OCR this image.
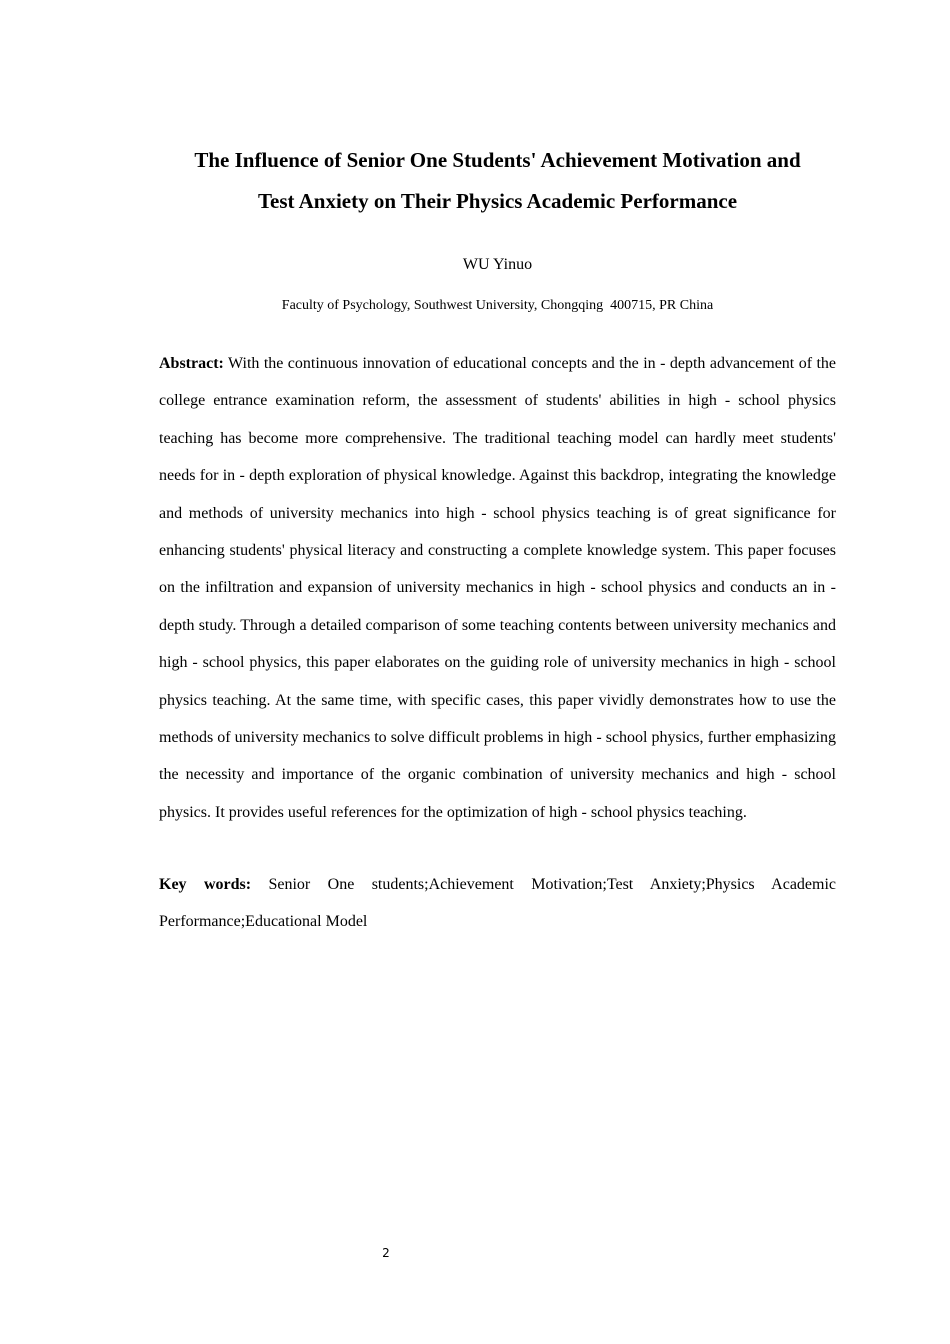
The Influence of Senior One Students' Achievement Motivation and
Test Anxiety on Their Physics Academic Performance
WU Yinuo
Faculty of Psychology, Southwest University, Chongqing  400715, PR China

Abstract: With the continuous innovation of educational concepts and the in - depth advancement of the college entrance examination reform, the assessment of students' abilities in high - school physics teaching has become more comprehensive. The traditional teaching model can hardly meet students' needs for in - depth exploration of physical knowledge. Against this backdrop, integrating the knowledge and methods of university mechanics into high - school physics teaching is of great significance for enhancing students' physical literacy and constructing a complete knowledge system. This paper focuses on the infiltration and expansion of university mechanics in high - school physics and conducts an in - depth study. Through a detailed comparison of some teaching contents between university mechanics and high - school physics, this paper elaborates on the guiding role of university mechanics in high - school physics teaching. At the same time, with specific cases, this paper vividly demonstrates how to use the methods of university mechanics to solve difficult problems in high - school physics, further emphasizing the necessity and importance of the organic combination of university mechanics and high - school physics. It provides useful references for the optimization of high - school physics teaching.

Key words: Senior One students;Achievement Motivation;Test Anxiety;Physics Academic Performance;Educational Model

2
